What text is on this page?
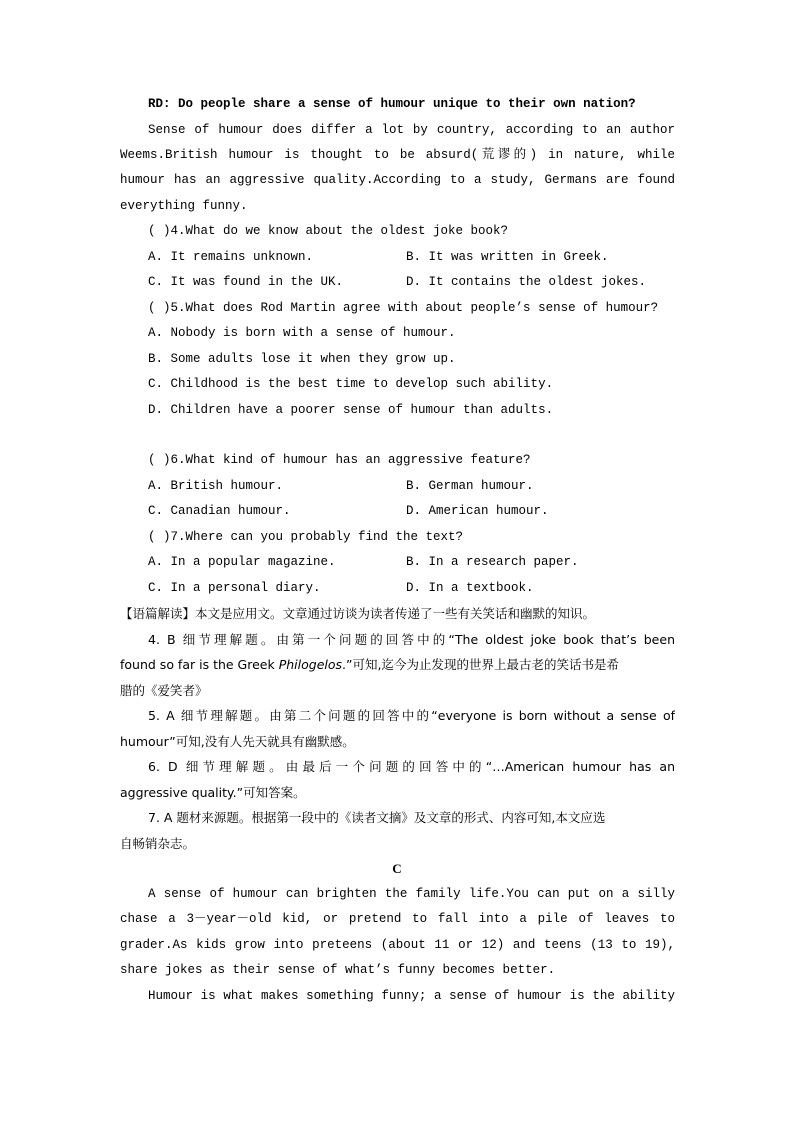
RD: Do people share a sense of humour unique to their own nation?
Sense of humour does differ a lot by country, according to an author
Weems.British humour is thought to be absurd(荒谬的) in nature, while
humour has an aggressive quality.According to a study, Germans are found
everything funny.
( )4.What do we know about the oldest joke book?
A. It remains unknown.	B. It was written in Greek.
C. It was found in the UK.	D. It contains the oldest jokes.
( )5.What does Rod Martin agree with about people’s sense of humour?
A. Nobody is born with a sense of humour.
B. Some adults lose it when they grow up.
C. Childhood is the best time to develop such ability.
D. Children have a poorer sense of humour than adults.
( )6.What kind of humour has an aggressive feature?
A. British humour.	B. German humour.
C. Canadian humour.	D. American humour.
( )7.Where can you probably find the text?
A. In a popular magazine.	B. In a research paper.
C. In a personal diary.	D. In a textbook.
【语篇解读】本文是应用文。文章通过访谈为读者传递了一些有关笑话和幽默的知识。
4. B 细节理解题。由第一个问题的回答中的“The oldest joke book that’s been
found so far is the Greek Philogelos.”可知,迄今为止发现的世界上最古老的笑话书是希
腊的《爱笑者》
5. A 细节理解题。由第二个问题的回答中的“everyone is born without a sense of
humour”可知,没有人先天就具有幽默感。
6. D 细节理解题。由最后一个问题的回答中的“…American humour has an
aggressive quality.”可知答案。
7. A 题材来源题。根据第一段中的《读者文摘》及文章的形式、内容可知,本文应选
自畅销杂志。
C
A sense of humour can brighten the family life.You can put on a silly
chase a 3－year－old kid, or pretend to fall into a pile of leaves to
grader.As kids grow into preteens (about 11 or 12) and teens (13 to 19),
share jokes as their sense of what’s funny becomes better.
Humour is what makes something funny; a sense of humour is the ability
